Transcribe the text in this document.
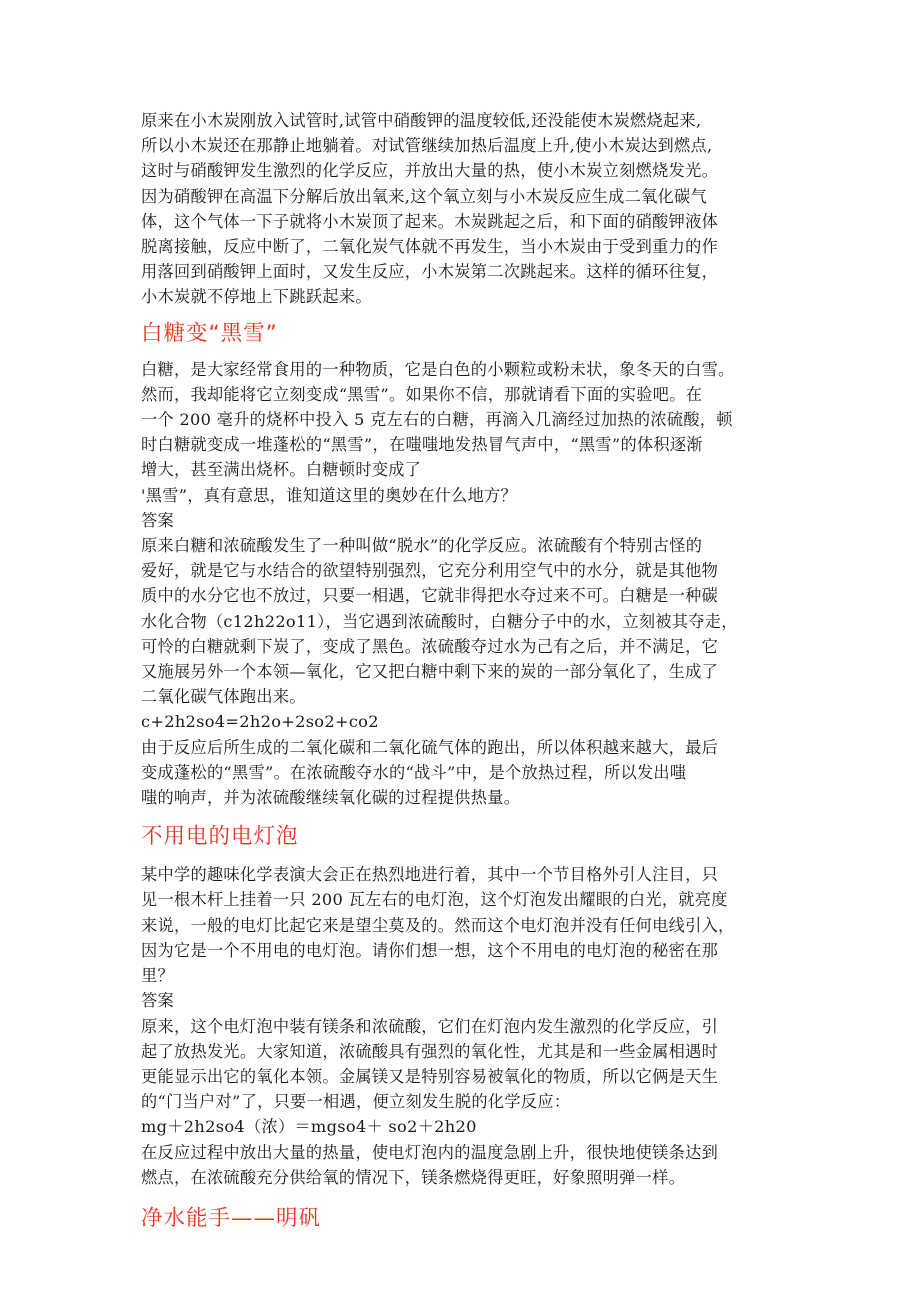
原来在小木炭刚放入试管时,试管中硝酸钾的温度较低,还没能使木炭燃烧起来,
所以小木炭还在那静止地躺着。对试管继续加热后温度上升,使小木炭达到燃点,
这时与硝酸钾发生激烈的化学反应，并放出大量的热，使小木炭立刻燃烧发光。
因为硝酸钾在高温下分解后放出氧来,这个氧立刻与小木炭反应生成二氧化碳气
体，这个气体一下子就将小木炭顶了起来。木炭跳起之后，和下面的硝酸钾液体
脱离接触，反应中断了，二氧化炭气体就不再发生，当小木炭由于受到重力的作
用落回到硝酸钾上面时，又发生反应，小木炭第二次跳起来。这样的循环往复，
小木炭就不停地上下跳跃起来。

白糖变“黑雪”

白糖，是大家经常食用的一种物质，它是白色的小颗粒或粉未状，象冬天的白雪。
然而，我却能将它立刻变成“黑雪”。如果你不信，那就请看下面的实验吧。在
一个 200 毫升的烧杯中投入 5 克左右的白糖，再滴入几滴经过加热的浓硫酸，顿
时白糖就变成一堆蓬松的“黑雪”，在嗤嗤地发热冒气声中，“黑雪”的体积逐渐
增大，甚至满出烧杯。白糖顿时变成了
'黑雪”，真有意思，谁知道这里的奥妙在什么地方？
答案
原来白糖和浓硫酸发生了一种叫做“脱水”的化学反应。浓硫酸有个特别古怪的
爱好，就是它与水结合的欲望特别强烈，它充分利用空气中的水分，就是其他物
质中的水分它也不放过，只要一相遇，它就非得把水夺过来不可。白糖是一种碳
水化合物（c12h22o11），当它遇到浓硫酸时，白糖分子中的水，立刻被其夺走，
可怜的白糖就剩下炭了，变成了黑色。浓硫酸夺过水为己有之后，并不满足，它
又施展另外一个本领—氧化，它又把白糖中剩下来的炭的一部分氧化了，生成了
二氧化碳气体跑出来。
c+2h2so4=2h2o+2so2+co2
由于反应后所生成的二氧化碳和二氧化硫气体的跑出，所以体积越来越大，最后
变成蓬松的“黑雪”。在浓硫酸夺水的“战斗”中，是个放热过程，所以发出嗤
嗤的响声，并为浓硫酸继续氧化碳的过程提供热量。

不用电的电灯泡

某中学的趣味化学表演大会正在热烈地进行着，其中一个节目格外引人注目，只
见一根木杆上挂着一只 200 瓦左右的电灯泡，这个灯泡发出耀眼的白光，就亮度
来说，一般的电灯比起它来是望尘莫及的。然而这个电灯泡并没有任何电线引入，
因为它是一个不用电的电灯泡。请你们想一想，这个不用电的电灯泡的秘密在那
里？
答案
原来，这个电灯泡中装有镁条和浓硫酸，它们在灯泡内发生激烈的化学反应，引
起了放热发光。大家知道，浓硫酸具有强烈的氧化性，尤其是和一些金属相遇时
更能显示出它的氧化本领。金属镁又是特别容易被氧化的物质，所以它俩是天生
的“门当户对”了，只要一相遇，便立刻发生脱的化学反应：
mg＋2h2so4（浓）＝mgso4＋ so2＋2h20
在反应过程中放出大量的热量，使电灯泡内的温度急剧上升，很快地使镁条达到
燃点，在浓硫酸充分供给氧的情况下，镁条燃烧得更旺，好象照明弹一样。

净水能手——明矾
